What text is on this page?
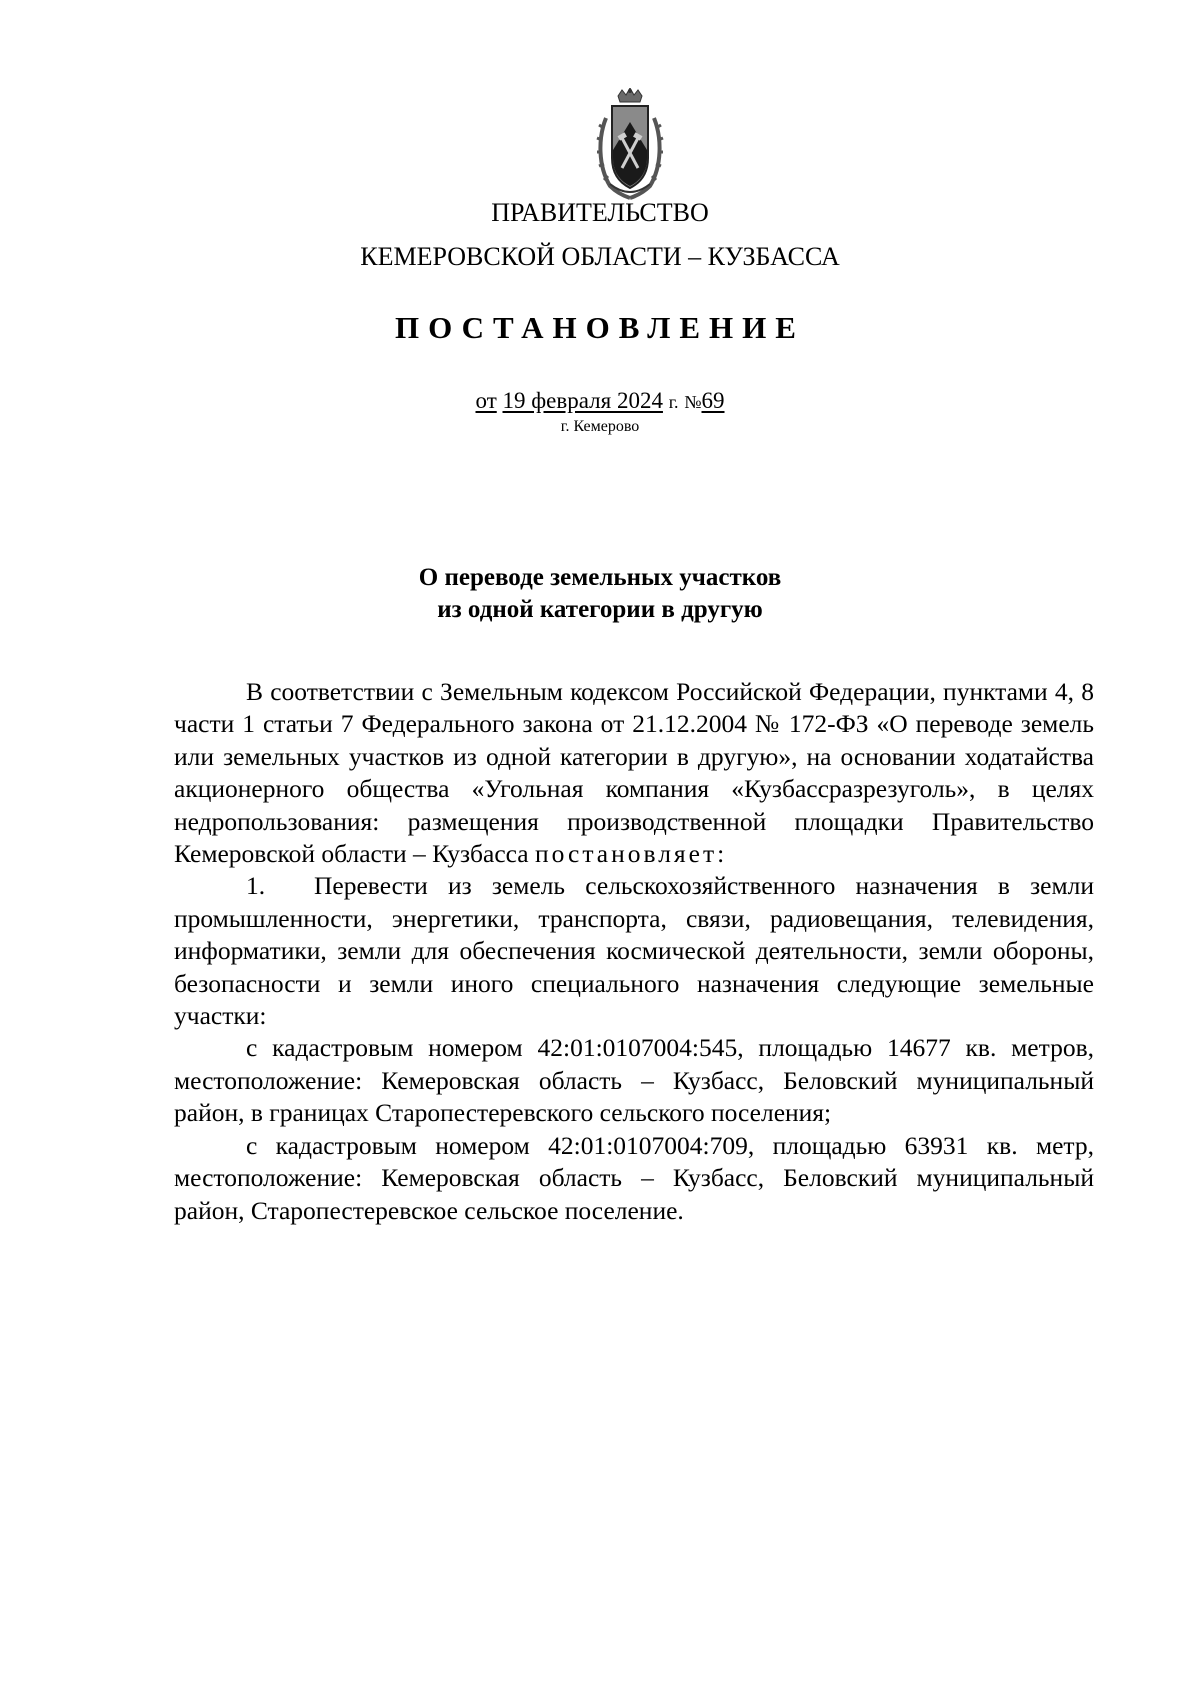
ПРАВИТЕЛЬСТВО
КЕМЕРОВСКОЙ ОБЛАСТИ – КУЗБАССА
ПОСТАНОВЛЕНИЕ
от 19 февраля 2024 г. №69
г. Кемерово
О переводе земельных участков
из одной категории в другую

В соответствии с Земельным кодексом Российской Федерации, пунктами 4, 8 части 1 статьи 7 Федерального закона от 21.12.2004 № 172-ФЗ «О переводе земель или земельных участков из одной категории в другую», на основании ходатайства акционерного общества «Угольная компания «Кузбассразрезуголь», в целях недропользования: размещения производственной площадки Правительство Кемеровской области – Кузбасса постановляет:

1. Перевести из земель сельскохозяйственного назначения в земли промышленности, энергетики, транспорта, связи, радиовещания, телевидения, информатики, земли для обеспечения космической деятельности, земли обороны, безопасности и земли иного специального назначения следующие земельные участки:

с кадастровым номером 42:01:0107004:545, площадью 14677 кв. метров, местоположение: Кемеровская область – Кузбасс, Беловский муниципальный район, в границах Старопестеревского сельского поселения;

с кадастровым номером 42:01:0107004:709, площадью 63931 кв. метр, местоположение: Кемеровская область – Кузбасс, Беловский муниципальный район, Старопестеревское сельское поселение.
